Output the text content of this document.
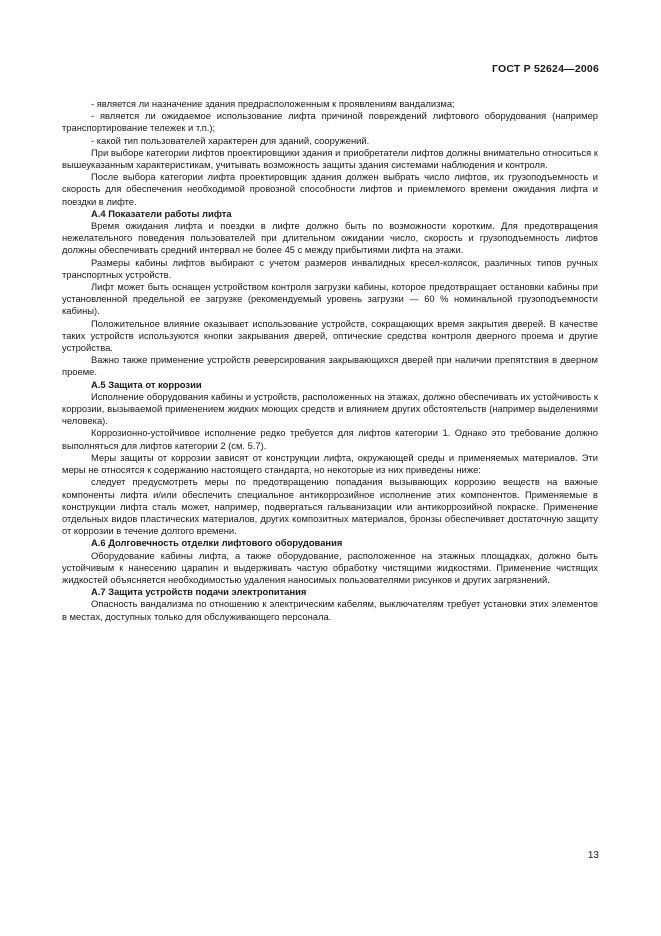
ГОСТ Р 52624—2006

- является ли назначение здания предрасположенным к проявлениям вандализма;

- является ли ожидаемое использование лифта причиной повреждений лифтового оборудования (например транспортирование тележек и т.п.);

- какой тип пользователей характерен для зданий, сооружений.

При выборе категории лифтов проектировщики здания и приобретатели лифтов должны внимательно относиться к вышеуказанным характеристикам, учитывать возможность защиты здания системами наблюдения и контроля.

После выбора категории лифта проектировщик здания должен выбрать число лифтов, их грузоподъемность и скорость для обеспечения необходимой провозной способности лифтов и приемлемого времени ожидания лифта и поездки в лифте.

А.4 Показатели работы лифта

Время ожидания лифта и поездки в лифте должно быть по возможности коротким. Для предотвращения нежелательного поведения пользователей при длительном ожидании число, скорость и грузоподъемность лифтов должны обеспечивать средний интервал не более 45 с между прибытиями лифта на этажи.

Размеры кабины лифтов выбирают с учетом размеров инвалидных кресел-колясок, различных типов ручных транспортных устройств.

Лифт может быть оснащен устройством контроля загрузки кабины, которое предотвращает остановки кабины при установленной предельной ее загрузке (рекомендуемый уровень загрузки — 60 % номинальной грузоподъемности кабины).

Положительное влияние оказывает использование устройств, сокращающих время закрытия дверей. В качестве таких устройств используются кнопки закрывания дверей, оптические средства контроля дверного проема и другие устройства.

Важно также применение устройств реверсирования закрывающихся дверей при наличии препятствия в дверном проеме.

А.5 Защита от коррозии

Исполнение оборудования кабины и устройств, расположенных на этажах, должно обеспечивать их устойчивость к коррозии, вызываемой применением жидких моющих средств и влиянием других обстоятельств (например выделениями человека).

Коррозионно-устойчивое исполнение редко требуется для лифтов категории 1. Однако это требование должно выполняться для лифтов категории 2 (см. 5.7).

Меры защиты от коррозии зависят от конструкции лифта, окружающей среды и применяемых материалов. Эти меры не относятся к содержанию настоящего стандарта, но некоторые из них приведены ниже:

следует предусмотреть меры по предотвращению попадания вызывающих коррозию веществ на важные компоненты лифта и/или обеспечить специальное антикоррозийное исполнение этих компонентов. Применяемые в конструкции лифта сталь может, например, подвергаться гальванизации или антикоррозийной покраске. Применение отдельных видов пластических материалов, других композитных материалов, бронзы обеспечивает достаточную защиту от коррозии в течение долгого времени.

А.6 Долговечность отделки лифтового оборудования

Оборудование кабины лифта, а также оборудование, расположенное на этажных площадках, должно быть устойчивым к нанесению царапин и выдерживать частую обработку чистящими жидкостями. Применение чистящих жидкостей объясняется необходимостью удаления наносимых пользователями рисунков и других загрязнений.

А.7 Защита устройств подачи электропитания

Опасность вандализма по отношению к электрическим кабелям, выключателям требует установки этих элементов в местах, доступных только для обслуживающего персонала.

13
